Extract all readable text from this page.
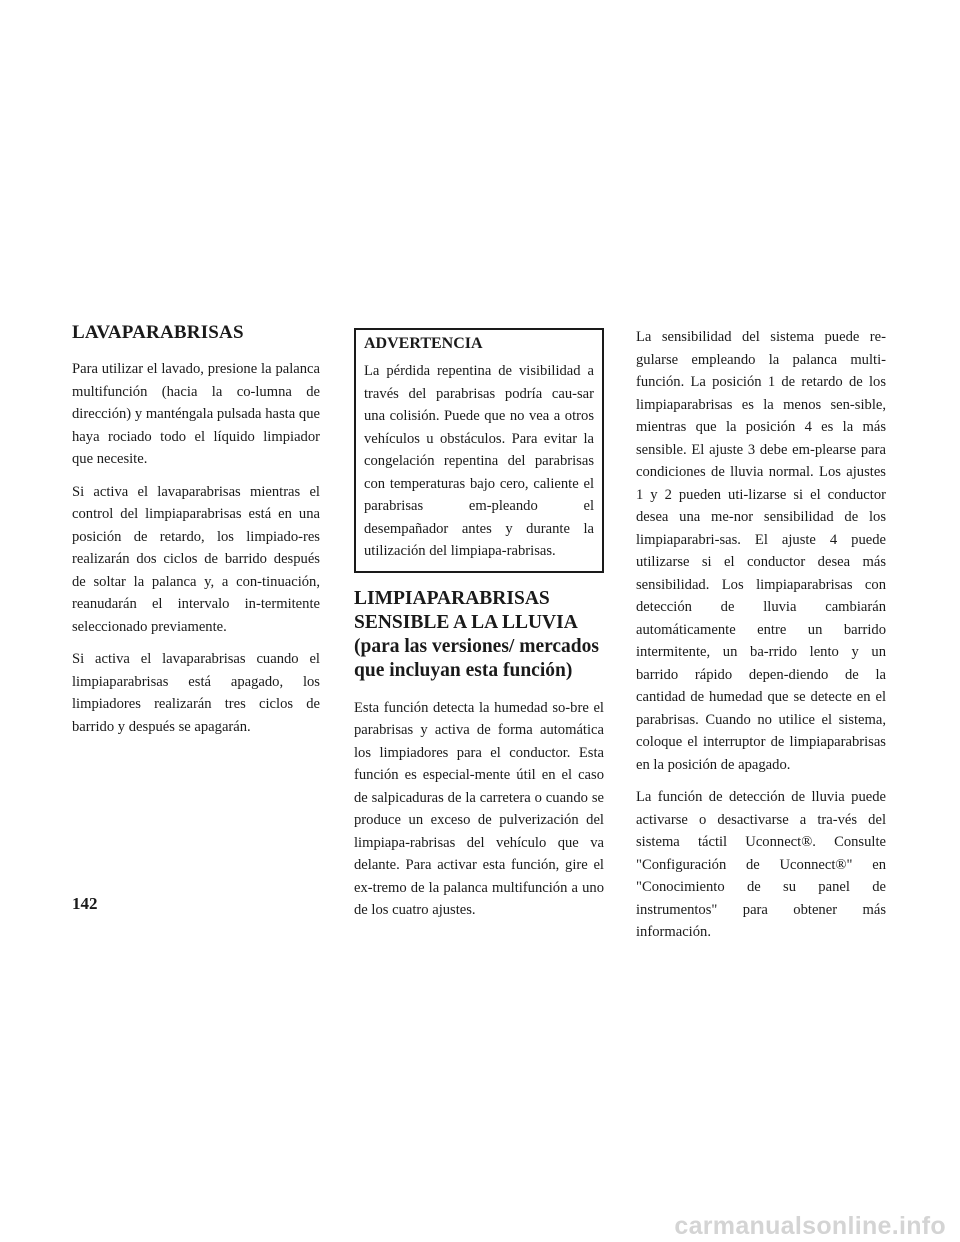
LAVAPARABRISAS

Para utilizar el lavado, presione la palanca multifunción (hacia la co-lumna de dirección) y manténgala pulsada hasta que haya rociado todo el líquido limpiador que necesite.

Si activa el lavaparabrisas mientras el control del limpiaparabrisas está en una posición de retardo, los limpiado-res realizarán dos ciclos de barrido después de soltar la palanca y, a con-tinuación, reanudarán el intervalo in-termitente seleccionado previamente.

Si activa el lavaparabrisas cuando el limpiaparabrisas está apagado, los limpiadores realizarán tres ciclos de barrido y después se apagarán.

ADVERTENCIA

La pérdida repentina de visibilidad a través del parabrisas podría cau-sar una colisión. Puede que no vea a otros vehículos u obstáculos. Para evitar la congelación repentina del parabrisas con temperaturas bajo cero, caliente el parabrisas em-pleando el desempañador antes y durante la utilización del limpiapa-rabrisas.

LIMPIAPARABRISAS SENSIBLE A LA LLUVIA (para las versiones/ mercados que incluyan esta función)

Esta función detecta la humedad so-bre el parabrisas y activa de forma automática los limpiadores para el conductor. Esta función es especial-mente útil en el caso de salpicaduras de la carretera o cuando se produce un exceso de pulverización del limpiapa-rabrisas del vehículo que va delante. Para activar esta función, gire el ex-tremo de la palanca multifunción a uno de los cuatro ajustes.

La sensibilidad del sistema puede re-gularse empleando la palanca multi-función. La posición 1 de retardo de los limpiaparabrisas es la menos sen-sible, mientras que la posición 4 es la más sensible. El ajuste 3 debe em-plearse para condiciones de lluvia normal. Los ajustes 1 y 2 pueden uti-lizarse si el conductor desea una me-nor sensibilidad de los limpiaparabri-sas. El ajuste 4 puede utilizarse si el conductor desea más sensibilidad. Los limpiaparabrisas con detección de lluvia cambiarán automáticamente entre un barrido intermitente, un ba-rrido lento y un barrido rápido depen-diendo de la cantidad de humedad que se detecte en el parabrisas. Cuando no utilice el sistema, coloque el interruptor de limpiaparabrisas en la posición de apagado.

La función de detección de lluvia puede activarse o desactivarse a tra-vés del sistema táctil Uconnect®. Consulte "Configuración de Uconnect®" en "Conocimiento de su panel de instrumentos" para obtener más información.

142
carmanualsonline.info
